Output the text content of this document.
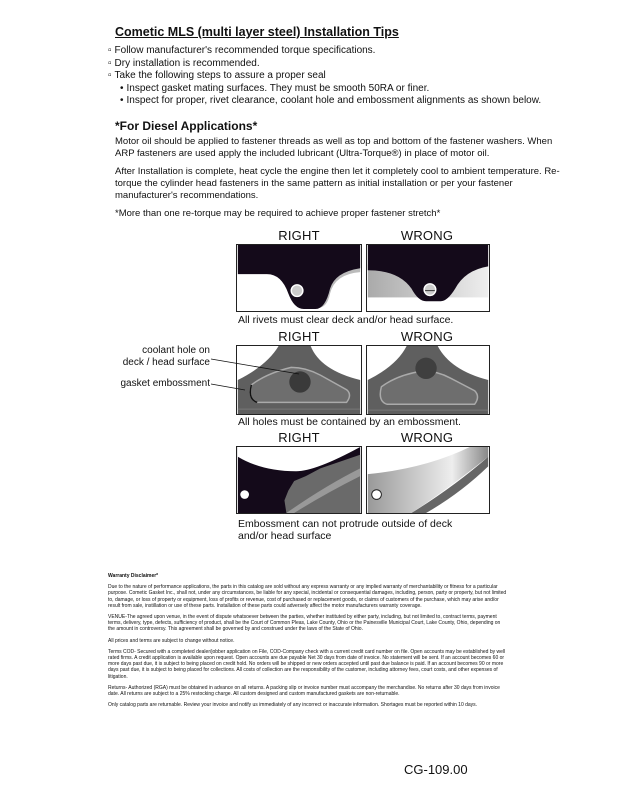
Cometic MLS (multi layer steel) Installation Tips
▫ Follow manufacturer's recommended torque specifications.
▫ Dry installation is recommended.
▫ Take the following steps to assure a proper seal
• Inspect gasket mating surfaces. They must be smooth 50RA or finer.
• Inspect for proper, rivet clearance, coolant hole and embossment alignments as shown below.
*For Diesel Applications*
Motor oil should be applied to fastener threads as well as top and bottom of the fastener washers. When ARP fasteners are used apply the included lubricant (Ultra-Torque®) in place of motor oil.
After Installation is complete, heat cycle the engine then let it completely cool to ambient temperature. Re-torque the cylinder head fasteners in the same pattern as initial installation or per your fastener manufacturer's recommendations.
*More than one re-torque may be required to achieve proper fastener stretch*
RIGHT	WRONG
All rivets must clear deck and/or head surface.
RIGHT	WRONG
coolant hole on
deck / head surface
gasket embossment
All holes must be contained by an embossment.
RIGHT	WRONG
Embossment can not protrude outside of deck
and/or head surface

Warranty Disclaimer*

Due to the nature of performance applications, the parts in this catalog are sold without any express warranty or any implied warranty of merchantability or fitness for a particular purpose. Cometic Gasket Inc., shall not, under any circumstances, be liable for any special, incidental or consequential damages, including, person, party or property, but not limited to, damage, or loss of property or equipment, loss of profits or revenue, cost of purchased or replacement goods, or claims of customers of the purchase, which may arise and/or result from sale, instillation or use of these parts. Installation of these parts could adversely affect the motor manufacturers warranty coverage.

VENUE-The agreed upon venue, in the event of dispute whatsoever between the parties, whether instituted by either party, including, but not limited to, contract terms, payment terms, delivery, type, defects, sufficiency of product, shall be the Court of Common Pleas, Lake County, Ohio or the Painesville Municipal Court, Lake County, Ohio, depending on the amount in controversy. This agreement shall be governed by and construed under the laws of the State of Ohio.

All prices and terms are subject to change without notice.

Terms COD- Secured with a completed dealer/jobber application on File, COD-Company check with a current credit card number on file. Open accounts may be established by well rated firms. A credit application is available upon request. Open accounts are due payable Net 30 days from date of invoice. No statement will be sent. If an account becomes 60 or more days past due, it is subject to being placed on credit hold. No orders will be shipped or new orders accepted until past due balance is paid. If an account becomes 90 or more days past due, it is subject to being placed for collections. All costs of collection are the responsibility of the customer, including attorney fees, court costs, and other expenses of litigation.

Returns- Authorized (RGA) must be obtained in advance on all returns. A packing slip or invoice number must accompany the merchandise. No returns after 30 days from invoice date. All returns are subject to a 25% restocking charge. All custom designed and custom manufactured gaskets are non-returnable.

Only catalog parts are returnable. Review your invoice and notify us immediately of any incorrect or inaccurate information. Shortages must be reported within 10 days.

CG-109.00
